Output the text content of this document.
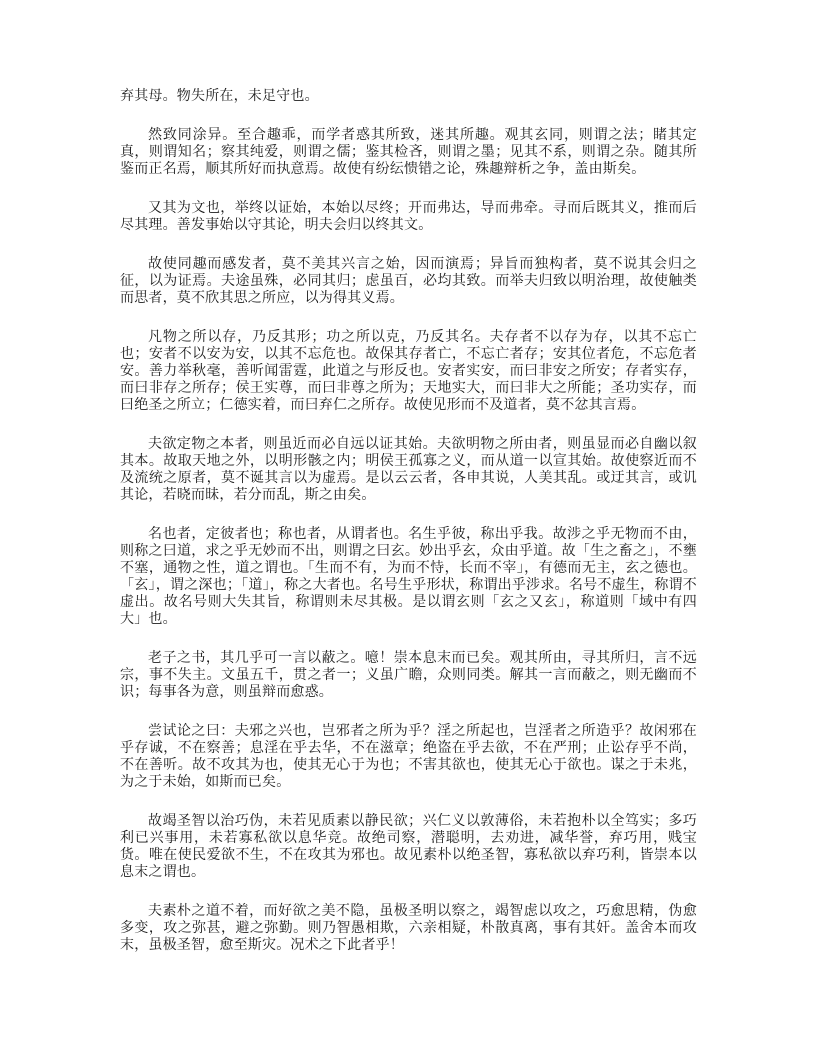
弃其母。物失所在，未足守也。

然致同涂异。至合趣乖，而学者惑其所致，迷其所趣。观其玄同，则谓之法；睹其定真，则谓知名；察其纯爱，则谓之儒；鉴其检吝，则谓之墨；见其不系，则谓之杂。随其所鉴而正名焉，顺其所好而执意焉。故使有纷纭愦错之论，殊趣辩析之争，盖由斯矣。

又其为文也，举终以证始，本始以尽终；开而弗达，导而弗牵。寻而后既其义，推而后尽其理。善发事始以守其论，明夫会归以终其文。

故使同趣而感发者，莫不美其兴言之始，因而演焉；异旨而独构者，莫不说其会归之征，以为证焉。夫途虽殊，必同其归；虑虽百，必均其致。而举夫归致以明治理，故使触类而思者，莫不欣其思之所应，以为得其义焉。

凡物之所以存，乃反其形；功之所以克，乃反其名。夫存者不以存为存，以其不忘亡也；安者不以安为安，以其不忘危也。故保其存者亡，不忘亡者存；安其位者危，不忘危者安。善力举秋毫，善听闻雷霆，此道之与形反也。安者实安，而曰非安之所安；存者实存，而曰非存之所存；侯王实尊，而曰非尊之所为；天地实大，而曰非大之所能；圣功实存，而曰绝圣之所立；仁德实着，而曰弃仁之所存。故使见形而不及道者，莫不忿其言焉。

夫欲定物之本者，则虽近而必自远以证其始。夫欲明物之所由者，则虽显而必自幽以叙其本。故取天地之外，以明形骸之内；明侯王孤寡之义，而从道一以宣其始。故使察近而不及流统之原者，莫不诞其言以为虚焉。是以云云者，各申其说，人美其乱。或迂其言，或讥其论，若晓而昧，若分而乱，斯之由矣。

名也者，定彼者也；称也者，从谓者也。名生乎彼，称出乎我。故涉之乎无物而不由，则称之曰道，求之乎无妙而不出，则谓之曰玄。妙出乎玄，众由乎道。故「生之畜之」，不壅不塞，通物之性，道之谓也。「生而不有，为而不恃，长而不宰」，有德而无主，玄之德也。「玄」，谓之深也；「道」，称之大者也。名号生乎形状，称谓出乎涉求。名号不虚生，称谓不虚出。故名号则大失其旨，称谓则未尽其极。是以谓玄则「玄之又玄」，称道则「域中有四大」也。

老子之书，其几乎可一言以蔽之。噫！崇本息末而已矣。观其所由，寻其所归，言不远宗，事不失主。文虽五千，贯之者一；义虽广瞻，众则同类。解其一言而蔽之，则无幽而不识；每事各为意，则虽辩而愈惑。

尝试论之曰：夫邪之兴也，岂邪者之所为乎？淫之所起也，岂淫者之所造乎？故闲邪在乎存诚，不在察善；息淫在乎去华，不在滋章；绝盗在乎去欲，不在严刑；止讼存乎不尚，不在善听。故不攻其为也，使其无心于为也；不害其欲也，使其无心于欲也。谋之于未兆，为之于未始，如斯而已矣。

故竭圣智以治巧伪，未若见质素以静民欲；兴仁义以敦薄俗，未若抱朴以全笃实；多巧利已兴事用，未若寡私欲以息华竞。故绝司察，潜聪明，去劝进，减华誉，弃巧用，贱宝货。唯在使民爱欲不生，不在攻其为邪也。故见素朴以绝圣智，寡私欲以弃巧利，皆崇本以息末之谓也。

夫素朴之道不着，而好欲之美不隐，虽极圣明以察之，竭智虑以攻之，巧愈思精，伪愈多变，攻之弥甚，避之弥勤。则乃智愚相欺，六亲相疑，朴散真离，事有其奸。盖舍本而攻末，虽极圣智，愈至斯灾。况术之下此者乎！
